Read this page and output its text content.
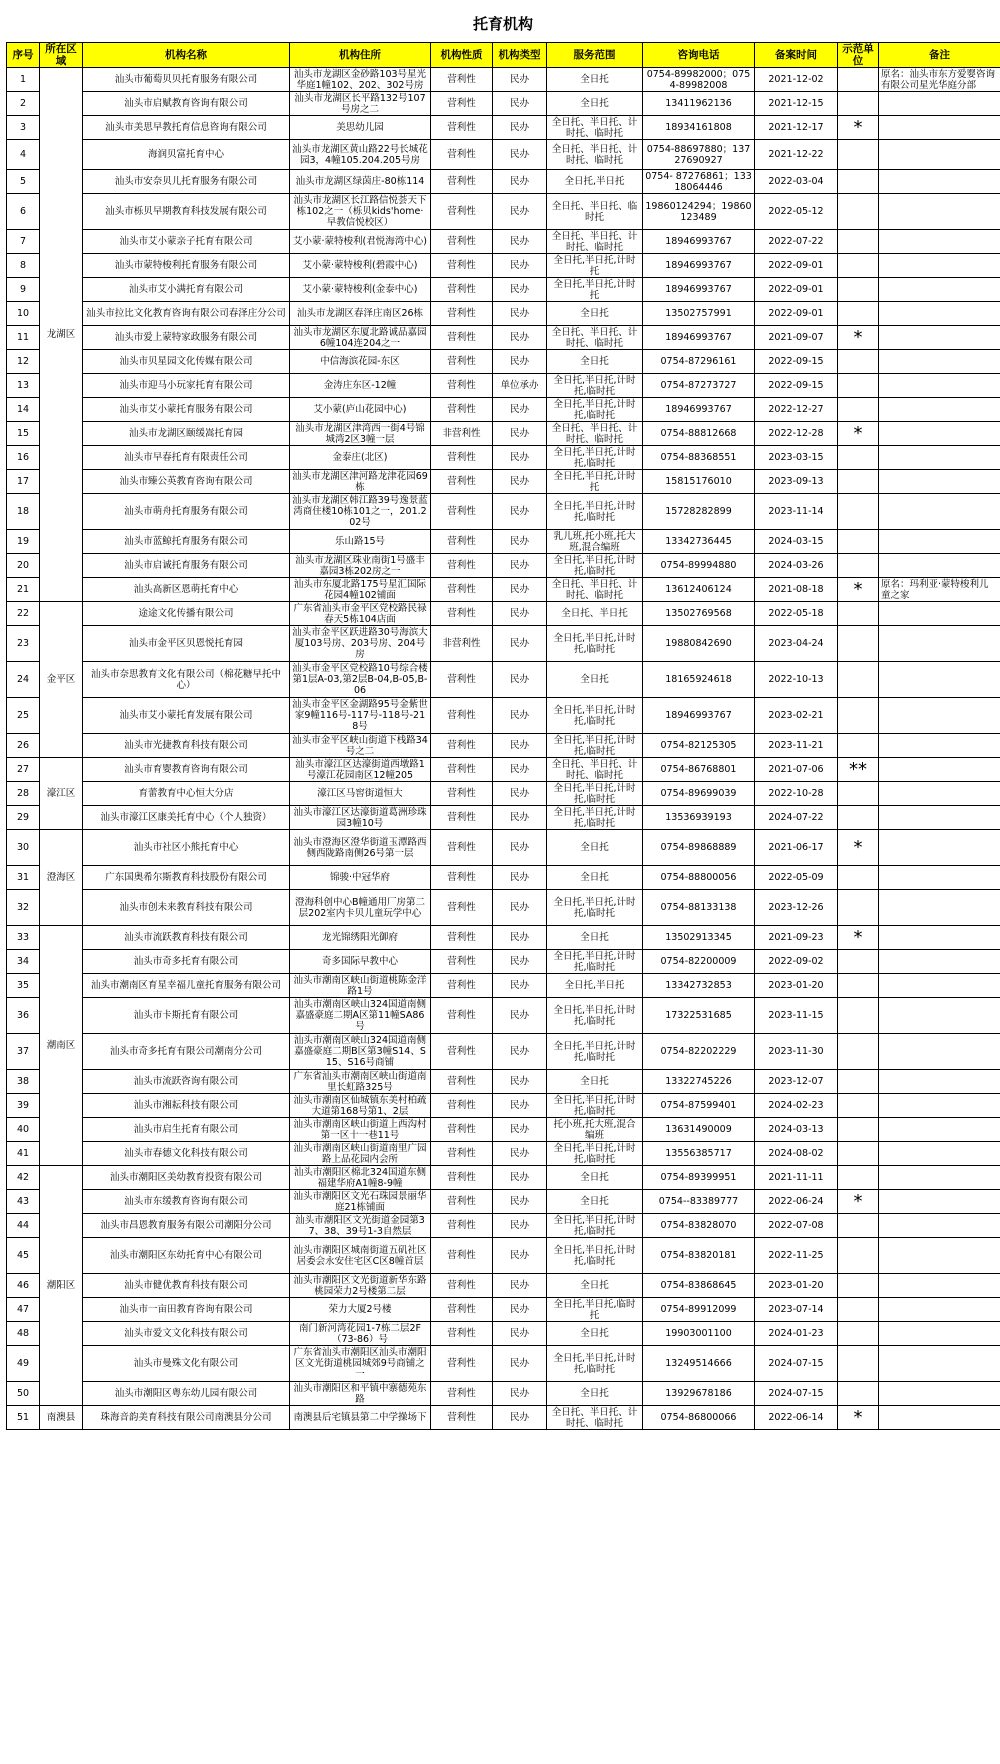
托育机构
序号	所在区域	机构名称	机构住所	机构性质	机构类型	服务范围	咨询电话	备案时间	示范单位	备注
1	龙湖区	汕头市葡萄贝贝托育服务有限公司	汕头市龙湖区金砂路103号星光华庭1幢102、202、302号房	营利性	民办	全日托	0754-89982000；0754-89982008	2021-12-02		原名：汕头市东方爱婴咨询有限公司星光华庭分部
2		汕头市启赋教育咨询有限公司	汕头市龙湖区长平路132号107号房之二	营利性	民办	全日托	13411962136	2021-12-15		
3		汕头市美思早教托育信息咨询有限公司	美思幼儿园	营利性	民办	全日托、半日托、计时托、临时托	18934161808	2021-12-17	*	
4		海润贝富托育中心	汕头市龙湖区黄山路22号长城花园3，4幢105.204.205号房	营利性	民办	全日托、半日托、计时托、临时托	0754-88697880；13727690927	2021-12-22		
5		汕头市安奈贝儿托育服务有限公司	汕头市龙湖区绿茵庄-80栋114	营利性	民办	全日托,半日托	0754- 87276861；13318064446	2022-03-04		
6		汕头市栎贝早期教育科技发展有限公司	汕头市龙湖区长江路信悦荟天下栋102之一（栎贝kids'home·早教信悦校区）	营利性	民办	全日托、半日托、临时托	19860124294；19860123489	2022-05-12		
7		汕头市艾小蒙亲子托育有限公司	艾小蒙·蒙特梭利(君悦海湾中心)	营利性	民办	全日托、半日托、计时托、临时托	18946993767	2022-07-22		
8		汕头市蒙特梭利托育服务有限公司	艾小蒙·蒙特梭利(碧霞中心)	营利性	民办	全日托,半日托,计时托	18946993767	2022-09-01		
9		汕头市艾小满托育有限公司	艾小蒙·蒙特梭利(金泰中心)	营利性	民办	全日托,半日托,计时托	18946993767	2022-09-01		
10		汕头市拉比文化教育咨询有限公司春泽庄分公司	汕头市龙湖区春泽庄南区26栋	营利性	民办	全日托	13502757991	2022-09-01		
11		汕头市爱上蒙特家政服务有限公司	汕头市龙湖区东厦北路诚品嘉园6幢104连204之一	营利性	民办	全日托、半日托、计时托、临时托	18946993767	2021-09-07	*	
12		汕头市贝星园文化传媒有限公司	中信海滨花园-东区	营利性	民办	全日托	0754-87296161	2022-09-15		
13		汕头市迎马小玩家托育有限公司	金涛庄东区-12幢	营利性	单位承办	全日托,半日托,计时托,临时托	0754-87273727	2022-09-15		
14		汕头市艾小蒙托育服务有限公司	艾小蒙(庐山花园中心)	营利性	民办	全日托,半日托,计时托,临时托	18946993767	2022-12-27		
15		汕头市龙湖区颐缓嵩托育园	汕头市龙湖区津湾西一街4号锦城湾2区3幢一层	非营利性	民办	全日托、半日托、计时托、临时托	0754-88812668	2022-12-28	*	
16		汕头市早春托育有限责任公司	金泰庄(北区)	营利性	民办	全日托,半日托,计时托,临时托	0754-88368551	2023-03-15		
17		汕头市臻公英教育咨询有限公司	汕头市龙湖区津河路龙津花园69栋	营利性	民办	全日托,半日托,计时托	15815176010	2023-09-13		
18		汕头市萌舟托育服务有限公司	汕头市龙湖区韩江路39号逸景蓝湾商住楼10栋101之一，201.202号	营利性	民办	全日托,半日托,计时托,临时托	15728282899	2023-11-14		
19		汕头市蓝鲸托育服务有限公司	乐山路15号	营利性	民办	乳儿班,托小班,托大班,混合编班	13342736445	2024-03-15		
20		汕头市启诚托育服务有限公司	汕头市龙湖区珠业南街1号盛丰嘉园3栋202房之一	营利性	民办	全日托,半日托,计时托,临时托	0754-89994880	2024-03-26		
21		汕头高新区恩萌托育中心	汕头市东厦北路175号星汇国际花园4幢102铺面	营利性	民办	全日托、半日托、计时托、临时托	13612406124	2021-08-18	*	原名：玛利亚·蒙特梭利儿童之家
22	金平区	途途文化传播有限公司	广东省汕头市金平区党校路民禄春天5栋104店面	营利性	民办	全日托、半日托	13502769568	2022-05-18		
23		汕头市金平区贝恩悦托育园	汕头市金平区跃进路30号海滨大厦103号房、203号房、204号房	非营利性	民办	全日托,半日托,计时托,临时托	19880842690	2023-04-24		
24		汕头市奈思教育文化有限公司（棉花糖早托中心）	汕头市金平区党校路10号综合楼第1层A-03,第2层B-04,B-05,B-06	营利性	民办	全日托	18165924618	2022-10-13		
25		汕头市艾小蒙托育发展有限公司	汕头市金平区金湖路95号金紫世家9幢116号-117号-118号-218号	营利性	民办	全日托,半日托,计时托,临时托	18946993767	2023-02-21		
26		汕头市光捷教育科技有限公司	汕头市金平区峡山街道下栈路34号之二	营利性	民办	全日托,半日托,计时托,临时托	0754-82125305	2023-11-21		
27	濠江区	汕头市育婴教育咨询有限公司	汕头市濠江区达濠街道西墩路1号濠江花园南区12幢205	营利性	民办	全日托、半日托、计时托、临时托	0754-86768801	2021-07-06	**	
28		育蕾教育中心恒大分店	濠江区马窖街道恒大	营利性	民办	全日托,半日托,计时托,临时托	0754-89699039	2022-10-28		
29		汕头市濠江区康美托育中心（个人独资）	汕头市濠江区达濠街道葛洲珍珠园3幢10号	营利性	民办	全日托,半日托,计时托,临时托	13536939193	2024-07-22		
30	澄海区	汕头市社区小熊托育中心	汕头市澄海区澄华街道玉潭路西侧西陇路南侧26号第一层	营利性	民办	全日托	0754-89868889	2021-06-17	*	
31		广东国奥希尔斯教育科技股份有限公司	锦骏·中冠华府	营利性	民办	全日托	0754-88800056	2022-05-09		
32		汕头市创未来教育科技有限公司	澄海科创中心B幢通用厂房第二层202室内卡贝儿童玩学中心	营利性	民办	全日托,半日托,计时托,临时托	0754-88133138	2023-12-26		
33	潮南区	汕头市流跃教育科技有限公司	龙光锦绣阳光御府	营利性	民办	全日托	13502913345	2021-09-23	*	
34		汕头市奇多托育有限公司	奇多国际早教中心	营利性	民办	全日托,半日托,计时托,临时托	0754-82200009	2022-09-02		
35		汕头市潮南区育星幸福儿童托育服务有限公司	汕头市潮南区峡山街道桃陈金洋路1号	营利性	民办	全日托,半日托	13342732853	2023-01-20		
36		汕头市卡斯托育有限公司	汕头市潮南区峡山324国道南侧嘉盛豪庭二期A区第11幢SA86号	营利性	民办	全日托,半日托,计时托,临时托	17322531685	2023-11-15		
37		汕头市奇多托育有限公司潮南分公司	汕头市潮南区峡山324国道南侧嘉盛豪庭二期B区第3幢S14、S15、S16号商铺	营利性	民办	全日托,半日托,计时托,临时托	0754-82202229	2023-11-30		
38		汕头市流跃咨询有限公司	广东省汕头市潮南区峡山街道南里长虹路325号	营利性	民办	全日托	13322745226	2023-12-07		
39		汕头市湘耘科技有限公司	汕头市潮南区仙城镇东美村柏疏大道第168号第1、2层	营利性	民办	全日托,半日托,计时托,临时托	0754-87599401	2024-02-23		
40		汕头市启生托育有限公司	汕头市潮南区峡山街道上西沟村第一区十一巷11号	营利性	民办	托小班,托大班,混合编班	13631490009	2024-03-13		
41		汕头市春德文化科技有限公司	汕头市潮南区峡山街道南里广园路上品花园内会所	营利性	民办	全日托,半日托,计时托,临时托	13556385717	2024-08-02		
42	潮阳区	汕头市潮阳区美幼教育投资有限公司	汕头市潮阳区棉北324国道东侧福建华府A1幢8-9幢	营利性	民办	全日托	0754-89399951	2021-11-11		
43		汕头市东缓教育咨询有限公司	汕头市潮阳区文光石珠园景丽华庭21栋铺面	营利性	民办	全日托	0754--83389777	2022-06-24	*	
44		汕头市昌恩教育服务有限公司潮阳分公司	汕头市潮阳区文光街道金园第37、38、39号1-3自然层	营利性	民办	全日托,半日托,计时托,临时托	0754-83828070	2022-07-08		
45		汕头市潮阳区东幼托育中心有限公司	汕头市潮阳区城南街道五矶社区居委会永安住宅区C区8幢首层	营利性	民办	全日托,半日托,计时托,临时托	0754-83820181	2022-11-25		
46		汕头市健优教育科技有限公司	汕头市潮阳区文光街道新华东路桃园荣力2号楼第二层	营利性	民办	全日托	0754-83868645	2023-01-20		
47		汕头市一亩田教育咨询有限公司	荣力大厦2号楼	营利性	民办	全日托,半日托,临时托	0754-89912099	2023-07-14		
48		汕头市爱文文化科技有限公司	南门新河湾花园1-7栋二层2F（73-86）号	营利性	民办	全日托	19903001100	2024-01-23		
49		汕头市曼殊文化有限公司	广东省汕头市潮阳区汕头市潮阳区文光街道桃园城郊9号商铺之一	营利性	民办	全日托,半日托,计时托,临时托	13249514666	2024-07-15		
50		汕头市潮阳区粤东幼儿园有限公司	汕头市潮阳区和平镇中寨德苑东路	营利性	民办	全日托	13929678186	2024-07-15		
51	南澳县	珠海音韵美育科技有限公司南澳县分公司	南澳县后宅镇县第二中学操场下	营利性	民办	全日托、半日托、计时托、临时托	0754-86800066	2022-06-14	*	
